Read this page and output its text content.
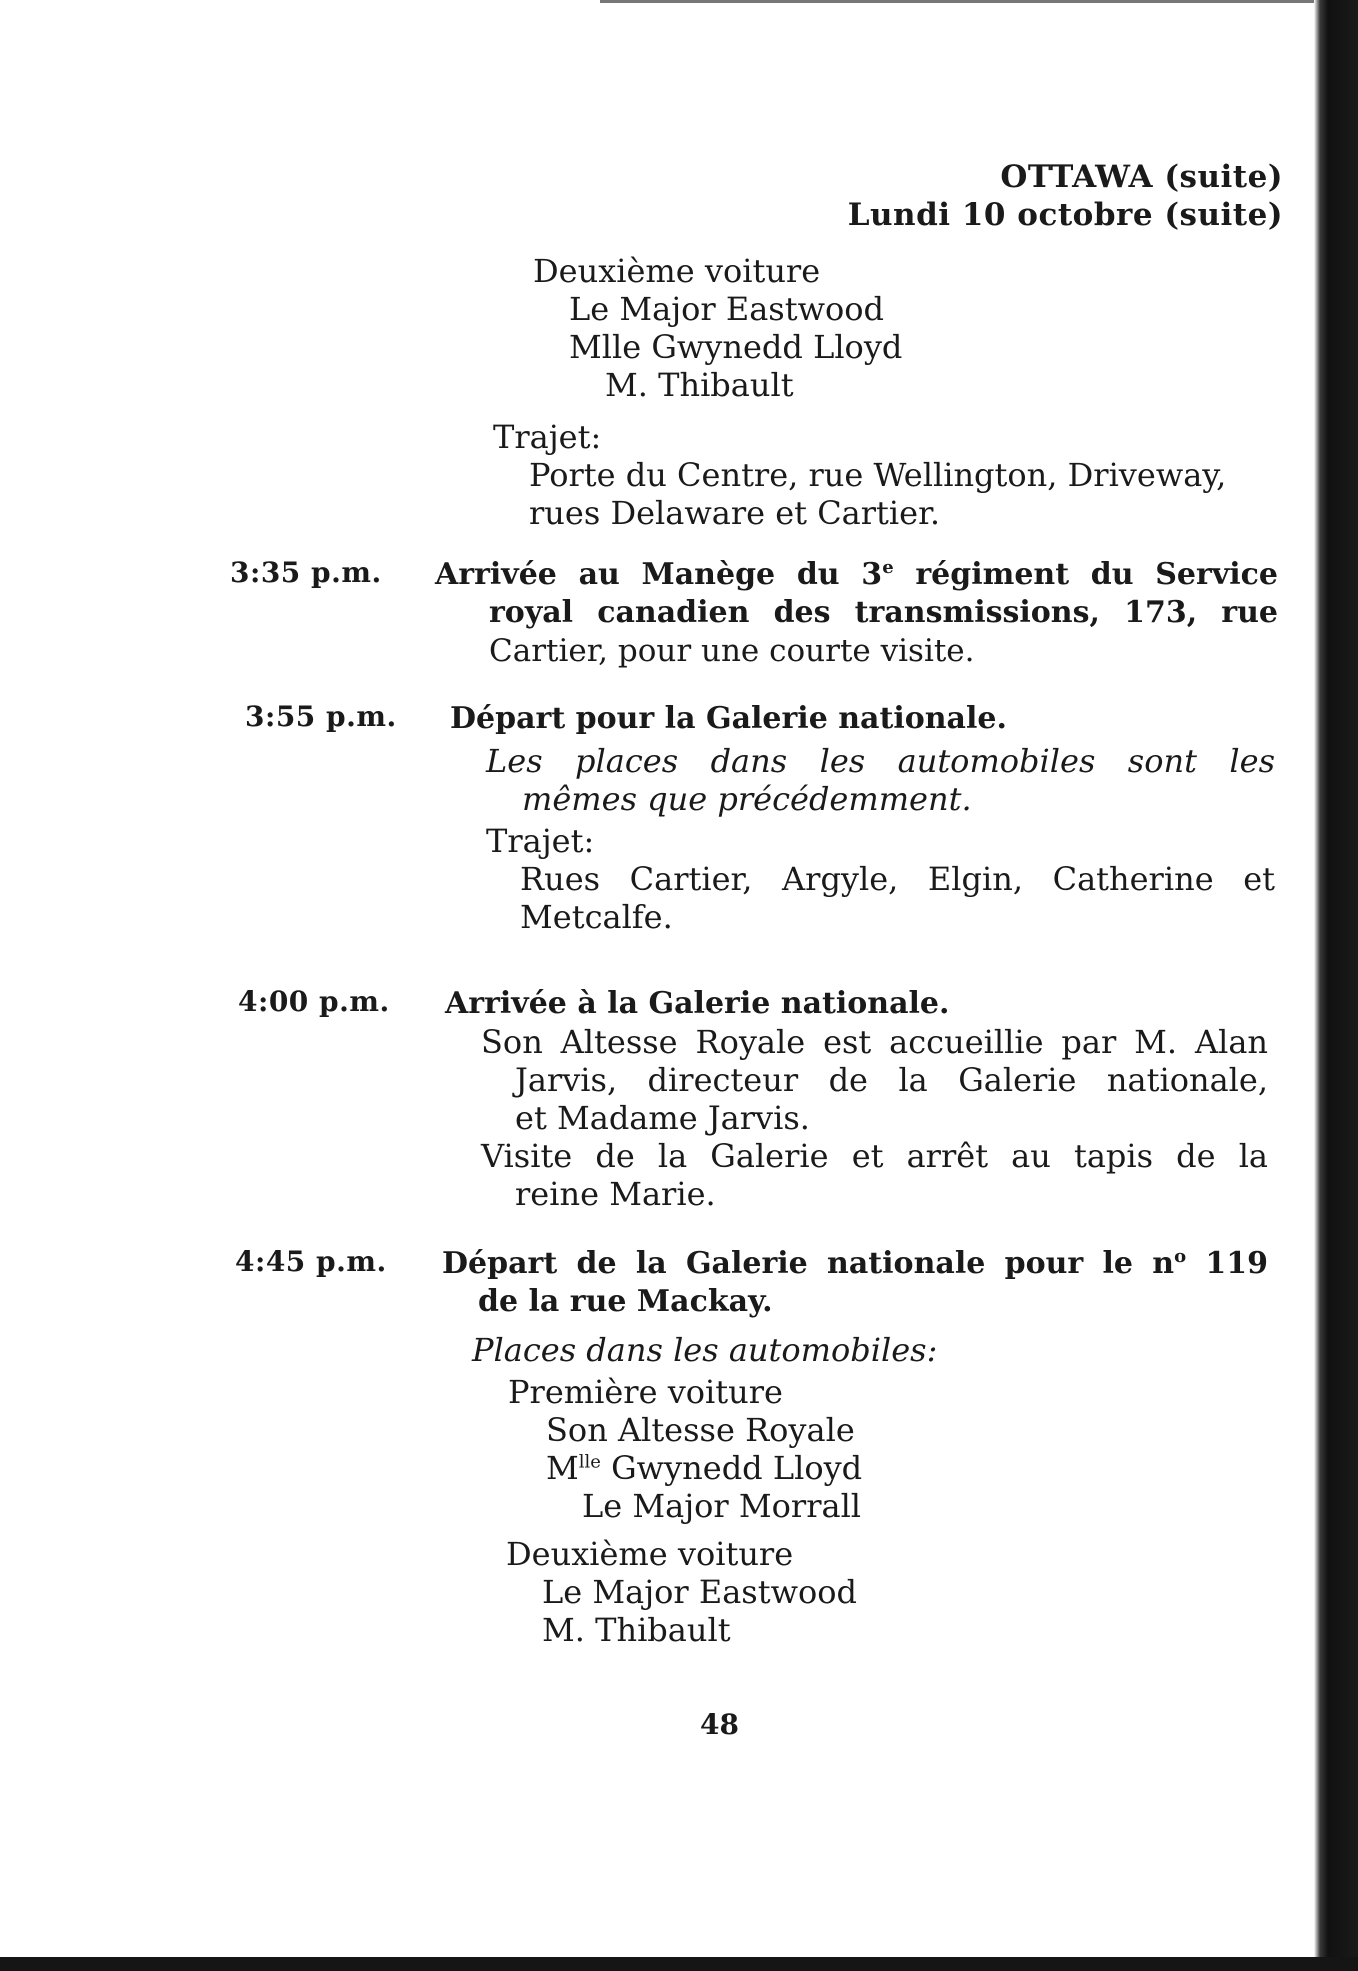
OTTAWA (suite)
Lundi 10 octobre (suite)
Deuxième voiture
Le Major Eastwood
Mlle Gwynedd Lloyd
M. Thibault
Trajet:
Porte du Centre, rue Wellington, Driveway,
rues Delaware et Cartier.
3:35 p.m. Arrivée au Manège du 3e régiment du Service
royal canadien des transmissions, 173, rue
Cartier, pour une courte visite.
3:55 p.m. Départ pour la Galerie nationale.
Les places dans les automobiles sont les
mêmes que précédemment.
Trajet:
Rues Cartier, Argyle, Elgin, Catherine et
Metcalfe.
4:00 p.m. Arrivée à la Galerie nationale.
Son Altesse Royale est accueillie par M. Alan
Jarvis, directeur de la Galerie nationale,
et Madame Jarvis.
Visite de la Galerie et arrêt au tapis de la
reine Marie.
4:45 p.m. Départ de la Galerie nationale pour le $n^o$ 119
de la rue Mackay.
Places dans les automobiles:
Première voiture
Son Altesse Royale
$M^{lle}$ Gwynedd Lloyd
Le Major Morrall
Deuxième voiture
Le Major Eastwood
M. Thibault
48
